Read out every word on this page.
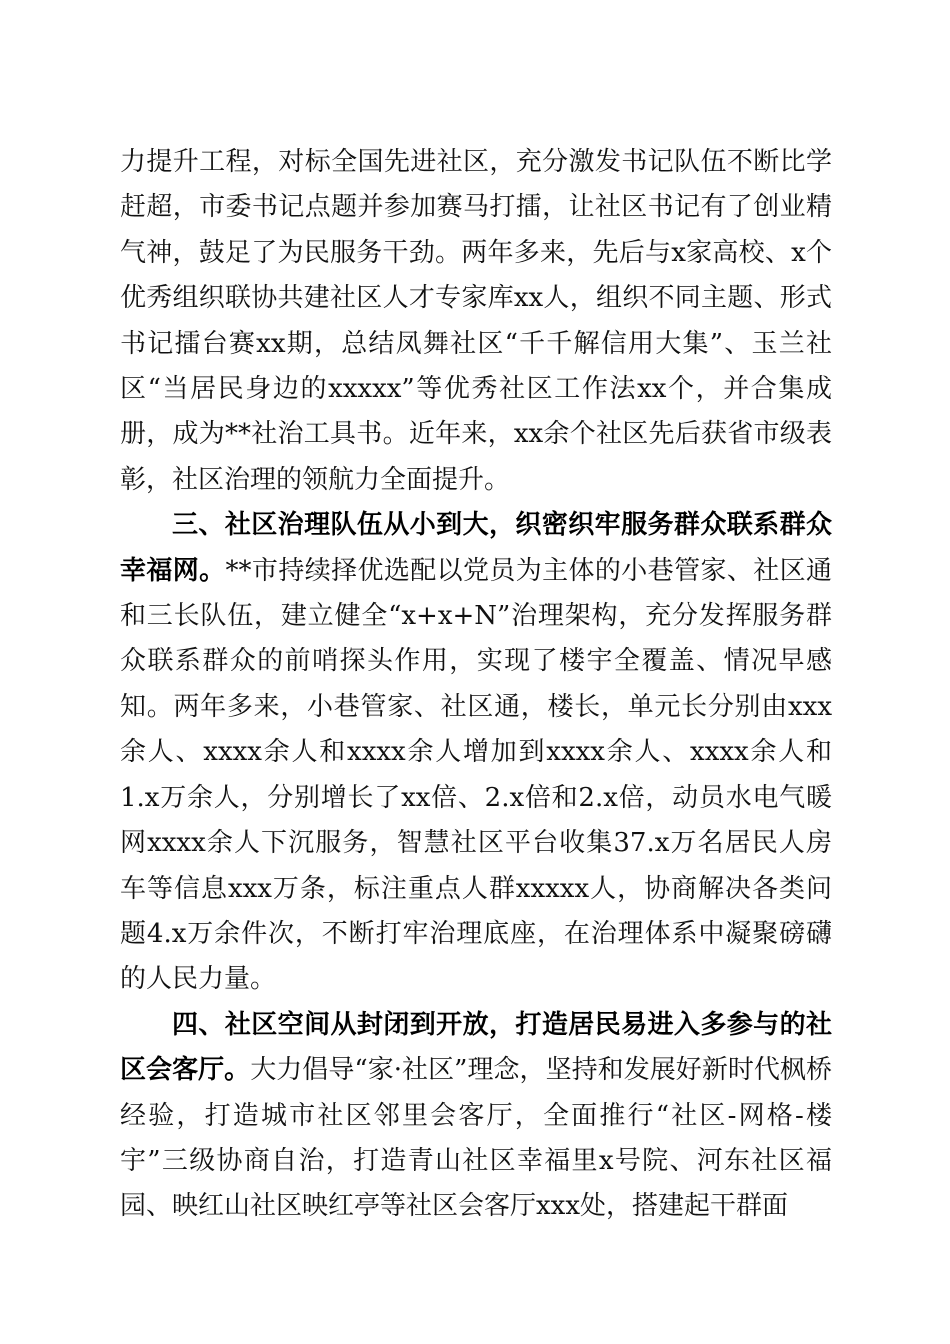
力提升工程，对标全国先进社区，充分激发书记队伍不断比学赶超，市委书记点题并参加赛马打擂，让社区书记有了创业精气神，鼓足了为民服务干劲。两年多来，先后与x家高校、x个优秀组织联协共建社区人才专家库xx人，组织不同主题、形式书记擂台赛xx期，总结凤舞社区“千千解信用大集”、玉兰社区“当居民身边的xxxxx”等优秀社区工作法xx个，并合集成册，成为**社治工具书。近年来，xx余个社区先后获省市级表彰，社区治理的领航力全面提升。

三、社区治理队伍从小到大，织密织牢服务群众联系群众幸福网。**市持续择优选配以党员为主体的小巷管家、社区通和三长队伍，建立健全“x+x+N”治理架构，充分发挥服务群众联系群众的前哨探头作用，实现了楼宇全覆盖、情况早感知。两年多来，小巷管家、社区通，楼长，单元长分别由xxx余人、xxxx余人和xxxx余人增加到xxxx余人、xxxx余人和1.x万余人，分别增长了xx倍、2.x倍和2.x倍，动员水电气暖网xxxx余人下沉服务，智慧社区平台收集37.x万名居民人房车等信息xxx万条，标注重点人群xxxxx人，协商解决各类问题4.x万余件次，不断打牢治理底座，在治理体系中凝聚磅礴的人民力量。

四、社区空间从封闭到开放，打造居民易进入多参与的社区会客厅。大力倡导“家·社区”理念，坚持和发展好新时代枫桥经验，打造城市社区邻里会客厅，全面推行“社区-网格-楼宇”三级协商自治，打造青山社区幸福里x号院、河东社区福园、映红山社区映红亭等社区会客厅xxx处，搭建起干群面
